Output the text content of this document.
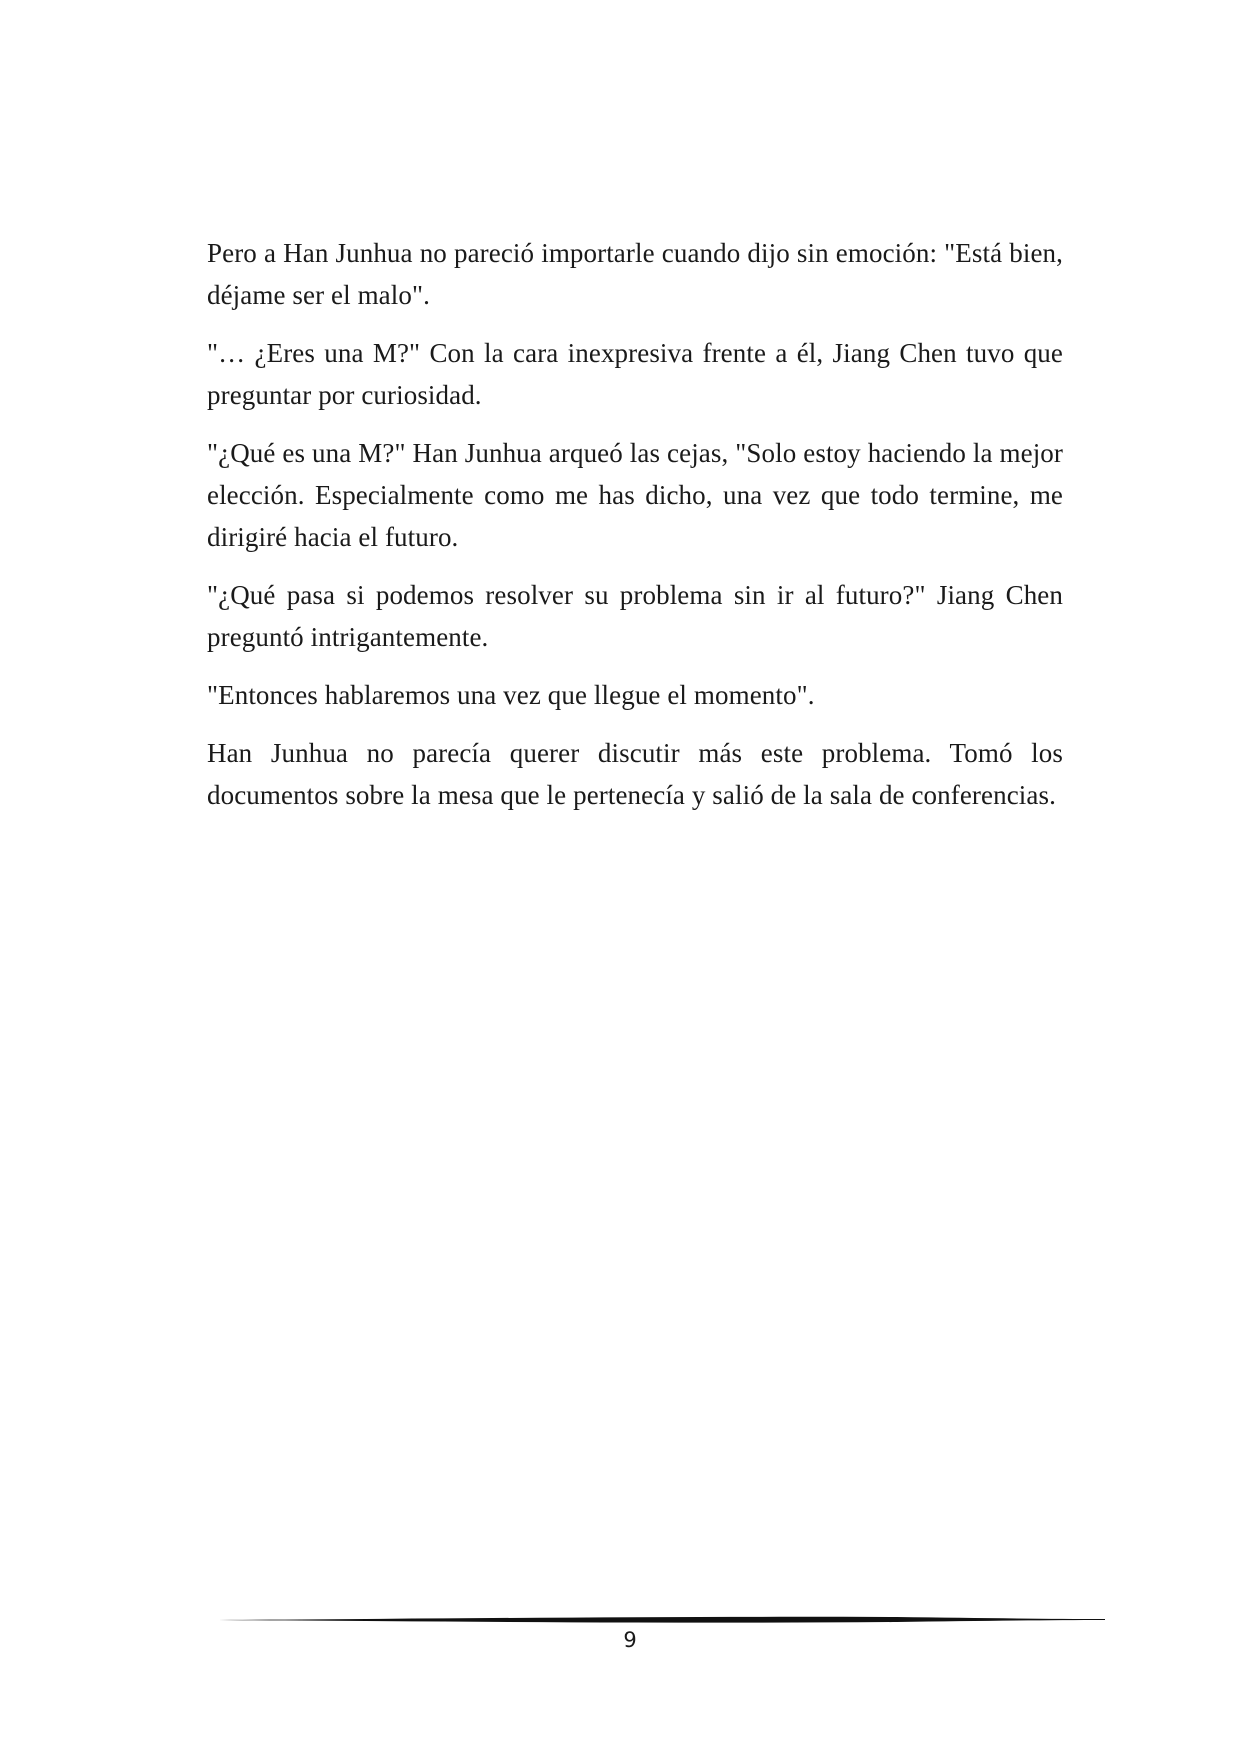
Pero a Han Junhua no pareció importarle cuando dijo sin emoción: "Está bien, déjame ser el malo".

"… ¿Eres una M?" Con la cara inexpresiva frente a él, Jiang Chen tuvo que preguntar por curiosidad.

"¿Qué es una M?" Han Junhua arqueó las cejas, "Solo estoy haciendo la mejor elección. Especialmente como me has dicho, una vez que todo termine, me dirigiré hacia el futuro.

"¿Qué pasa si podemos resolver su problema sin ir al futuro?" Jiang Chen preguntó intrigantemente.

"Entonces hablaremos una vez que llegue el momento".

Han Junhua no parecía querer discutir más este problema. Tomó los documentos sobre la mesa que le pertenecía y salió de la sala de conferencias.

9
